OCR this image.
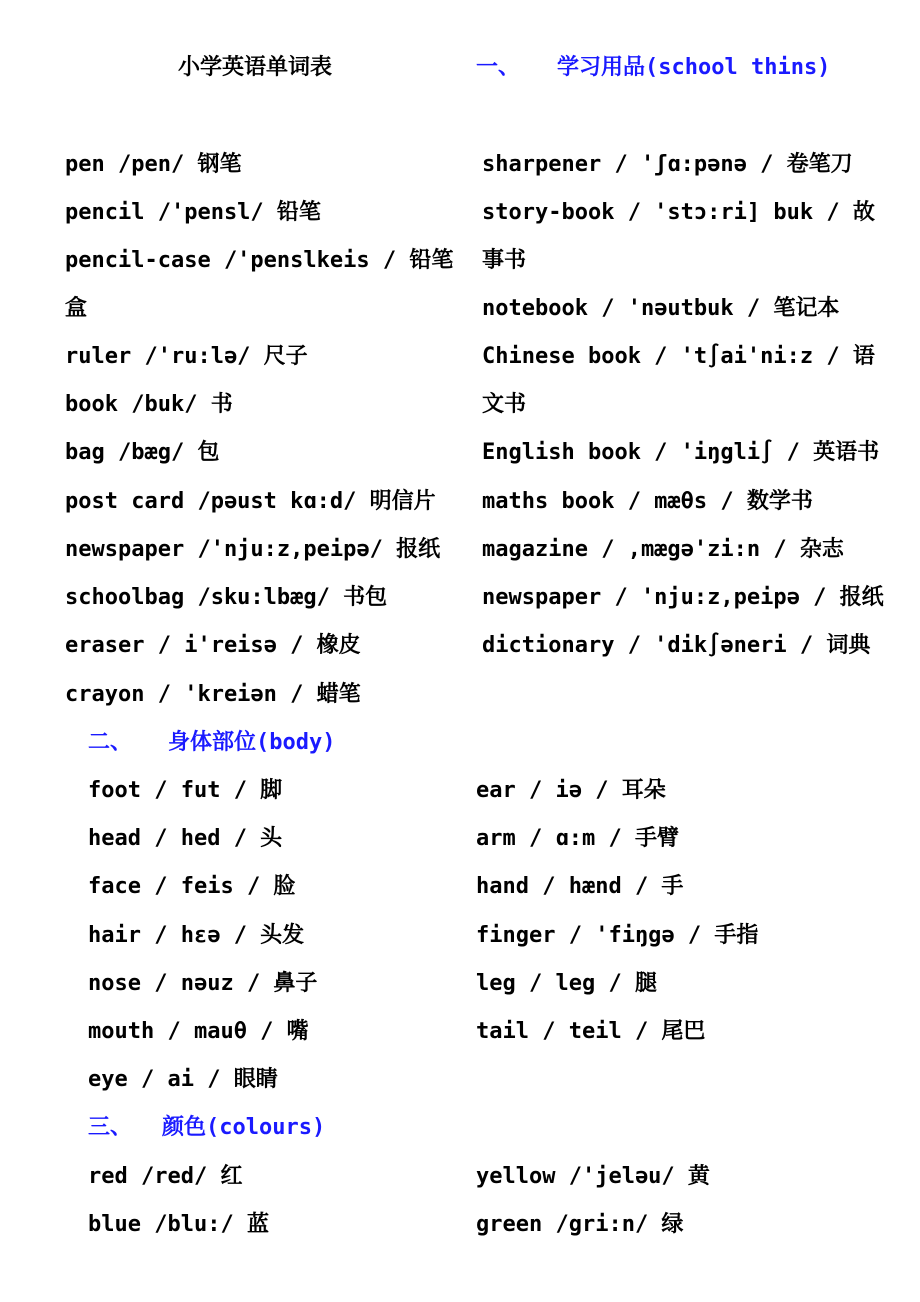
小学英语单词表	一、 学习用品(school thins)
pen /pen/ 钢笔
pencil /'pensl/ 铅笔
pencil-case /'penslkeis / 铅笔
盒
ruler /'ru:lə/ 尺子
book /buk/ 书
bag /bæg/ 包
post card /pəust kɑ:d/ 明信片
newspaper /'nju:z,peipə/ 报纸
schoolbag /sku:lbæg/ 书包
eraser / i'reisə / 橡皮
crayon / 'kreiən / 蜡笔
sharpener / 'ʃɑ:pənə / 卷笔刀
story-book / 'stɔ:ri] buk / 故
事书
notebook / 'nəutbuk / 笔记本
Chinese book / 't∫ai'ni:z / 语
文书
English book / 'iŋgli∫ / 英语书
maths book / mæθs / 数学书
magazine / ,mægə'zi:n / 杂志
newspaper / 'nju:z,peipə / 报纸
dictionary / 'dik∫əneri / 词典
二、 身体部位(body)
foot / fut / 脚
head / hed / 头
face / feis / 脸
hair / hεə / 头发
nose / nəuz / 鼻子
mouth / mauθ / 嘴
eye / ai / 眼睛
ear / iə / 耳朵
arm / ɑ:m / 手臂
hand / hænd / 手
finger / 'fiŋgə / 手指
leg / leg / 腿
tail / teil / 尾巴
三、 颜色(colours)
red /red/ 红
blue /blu:/ 蓝
yellow /'jeləu/ 黄
green /gri:n/ 绿
